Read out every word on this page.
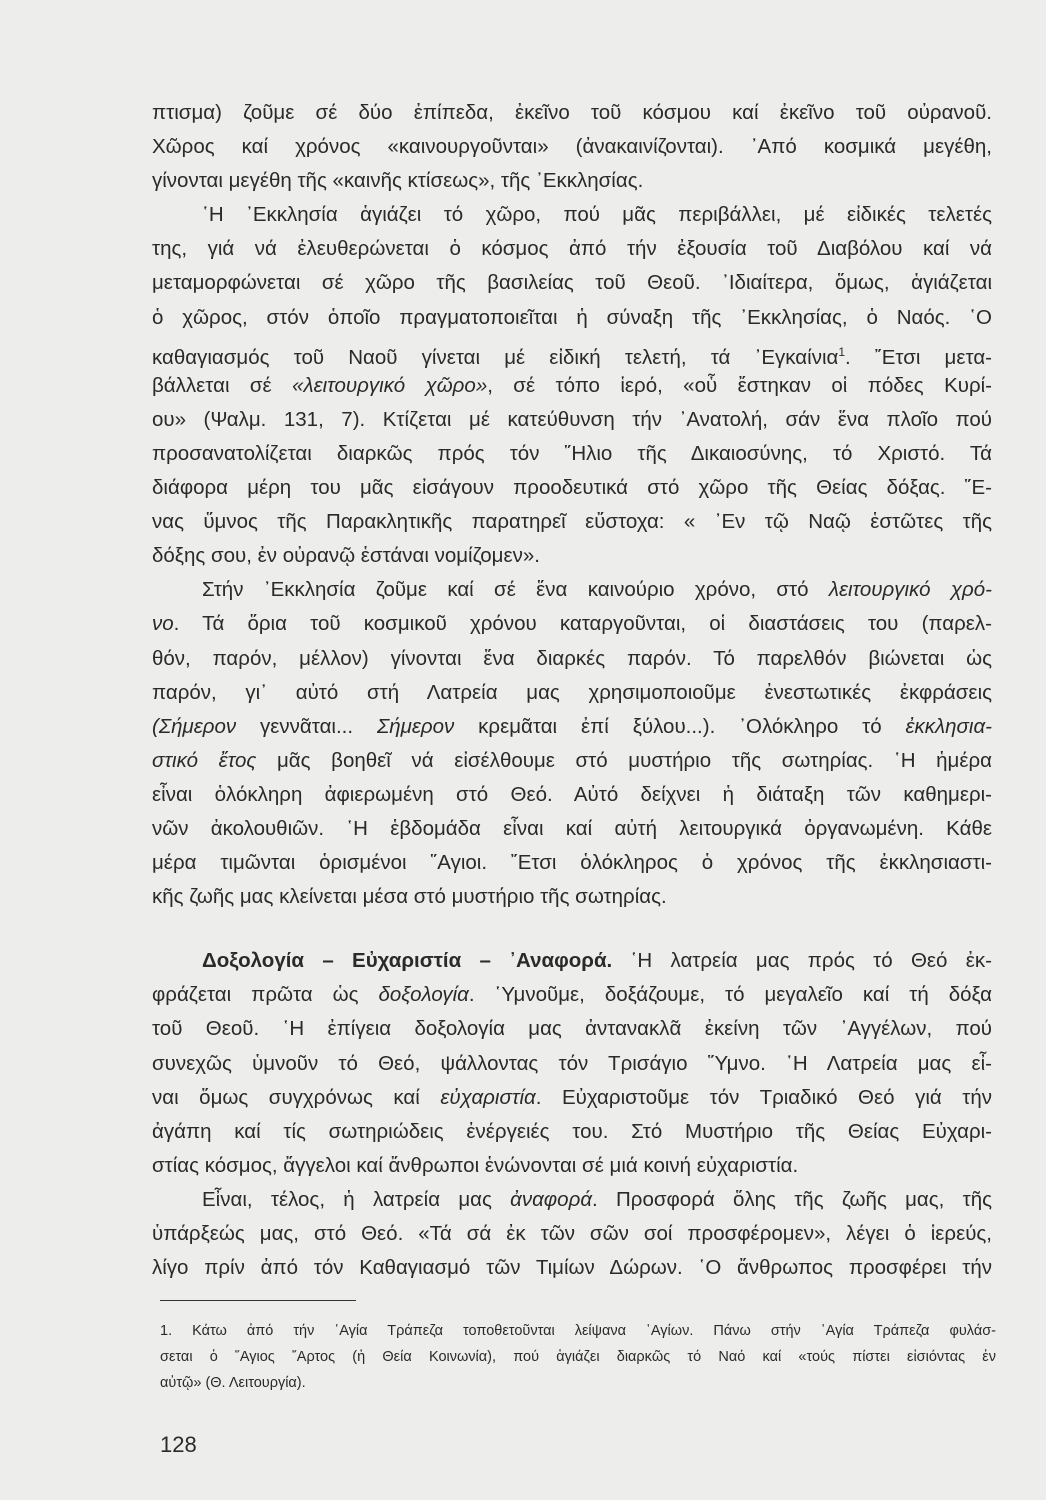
πτισμα) ζοῦμε σέ δύο ἐπίπεδα, ἐκεῖνο τοῦ κόσμου καί ἐκεῖνο τοῦ οὐρανοῦ.
Χῶρος καί χρόνος «καινουργοῦνται» (ἀνακαινίζονται). ᾿Από κοσμικά μεγέθη,
γίνονται μεγέθη τῆς «καινῆς κτίσεως», τῆς ᾿Εκκλησίας.
῾Η ᾿Εκκλησία ἁγιάζει τό χῶρο, πού μᾶς περιβάλλει, μέ εἰδικές τελετές
της, γιά νά ἐλευθερώνεται ὁ κόσμος ἀπό τήν ἐξουσία τοῦ Διαβόλου καί νά
μεταμορφώνεται σέ χῶρο τῆς βασιλείας τοῦ Θεοῦ. ᾿Ιδιαίτερα, ὅμως, ἁγιάζεται
ὁ χῶρος, στόν ὁποῖο πραγματοποιεῖται ἡ σύναξη τῆς ᾿Εκκλησίας, ὁ Ναός. ῾Ο
καθαγιασμός τοῦ Ναοῦ γίνεται μέ εἰδική τελετή, τά ᾿Εγκαίνια$^1$. ῎Ετσι μετα-
βάλλεται σέ «λειτουργικό χῶρο», σέ τόπο ἱερό, «οὗ ἔστηκαν οἱ πόδες Κυρί-
ου» (Ψαλμ. 131, 7). Κτίζεται μέ κατεύθυνση τήν ᾿Ανατολή, σάν ἕνα πλοῖο πού
προσανατολίζεται διαρκῶς πρός τόν ῞Ηλιο τῆς Δικαιοσύνης, τό Χριστό. Τά
διάφορα μέρη του μᾶς εἰσάγουν προοδευτικά στό χῶρο τῆς Θείας δόξας. ῞Ε-
νας ὕμνος τῆς Παρακλητικῆς παρατηρεῖ εὔστοχα: « ᾿Εν τῷ Ναῷ ἑστῶτες τῆς
δόξης σου, ἐν οὐρανῷ ἑστάναι νομίζομεν».
Στήν ᾿Εκκλησία ζοῦμε καί σέ ἕνα καινούριο χρόνο, στό λειτουργικό χρό-
νο. Τά ὅρια τοῦ κοσμικοῦ χρόνου καταργοῦνται, οἱ διαστάσεις του (παρελ-
θόν, παρόν, μέλλον) γίνονται ἕνα διαρκές παρόν. Τό παρελθόν βιώνεται ὡς
παρόν, γι᾿ αὐτό στή Λατρεία μας χρησιμοποιοῦμε ἐνεστωτικές ἐκφράσεις
(Σήμερον γεννᾶται... Σήμερον κρεμᾶται ἐπί ξύλου...). ᾿Ολόκληρο τό ἐκκλησια-
στικό ἔτος μᾶς βοηθεῖ νά εἰσέλθουμε στό μυστήριο τῆς σωτηρίας. ῾Η ἡμέρα
εἶναι ὁλόκληρη ἀφιερωμένη στό Θεό. Αὐτό δείχνει ἡ διάταξη τῶν καθημερι-
νῶν ἀκολουθιῶν. ῾Η ἑβδομάδα εἶναι καί αὐτή λειτουργικά ὀργανωμένη. Κάθε
μέρα τιμῶνται ὁρισμένοι ῞Αγιοι. ῎Ετσι ὁλόκληρος ὁ χρόνος τῆς ἐκκλησιαστι-
κῆς ζωῆς μας κλείνεται μέσα στό μυστήριο τῆς σωτηρίας.
Δοξολογία – Εὐχαριστία – ᾿Αναφορά. ῾Η λατρεία μας πρός τό Θεό ἐκ-
φράζεται πρῶτα ὡς δοξολογία. ῾Υμνοῦμε, δοξάζουμε, τό μεγαλεῖο καί τή δόξα
τοῦ Θεοῦ. ῾Η ἐπίγεια δοξολογία μας ἀντανακλᾶ ἐκείνη τῶν ᾿Αγγέλων, πού
συνεχῶς ὑμνοῦν τό Θεό, ψάλλοντας τόν Τρισάγιο ῞Υμνο. ῾Η Λατρεία μας εἶ-
ναι ὅμως συγχρόνως καί εὐχαριστία. Εὐχαριστοῦμε τόν Τριαδικό Θεό γιά τήν
ἀγάπη καί τίς σωτηριώδεις ἐνέργειές του. Στό Μυστήριο τῆς Θείας Εὐχαρι-
στίας κόσμος, ἄγγελοι καί ἄνθρωποι ἑνώνονται σέ μιά κοινή εὐχαριστία.
Εἶναι, τέλος, ἡ λατρεία μας ἀναφορά. Προσφορά ὅλης τῆς ζωῆς μας, τῆς
ὑπάρξεώς μας, στό Θεό. «Τά σά ἐκ τῶν σῶν σοί προσφέρομεν», λέγει ὁ ἱερεύς,
λίγο πρίν ἀπό τόν Καθαγιασμό τῶν Τιμίων Δώρων. ῾Ο ἄνθρωπος προσφέρει τήν
1. Κάτω ἀπό τήν ῾Αγία Τράπεζα τοποθετοῦνται λείψανα ῾Αγίων. Πάνω στήν ῾Αγία Τράπεζα φυλάσ-
σεται ὁ ῞Αγιος ῎Αρτος (ἡ Θεία Κοινωνία), πού ἁγιάζει διαρκῶς τό Ναό καί «τούς πίστει εἰσιόντας ἐν
αὐτῷ» (Θ. Λειτουργία).
128
